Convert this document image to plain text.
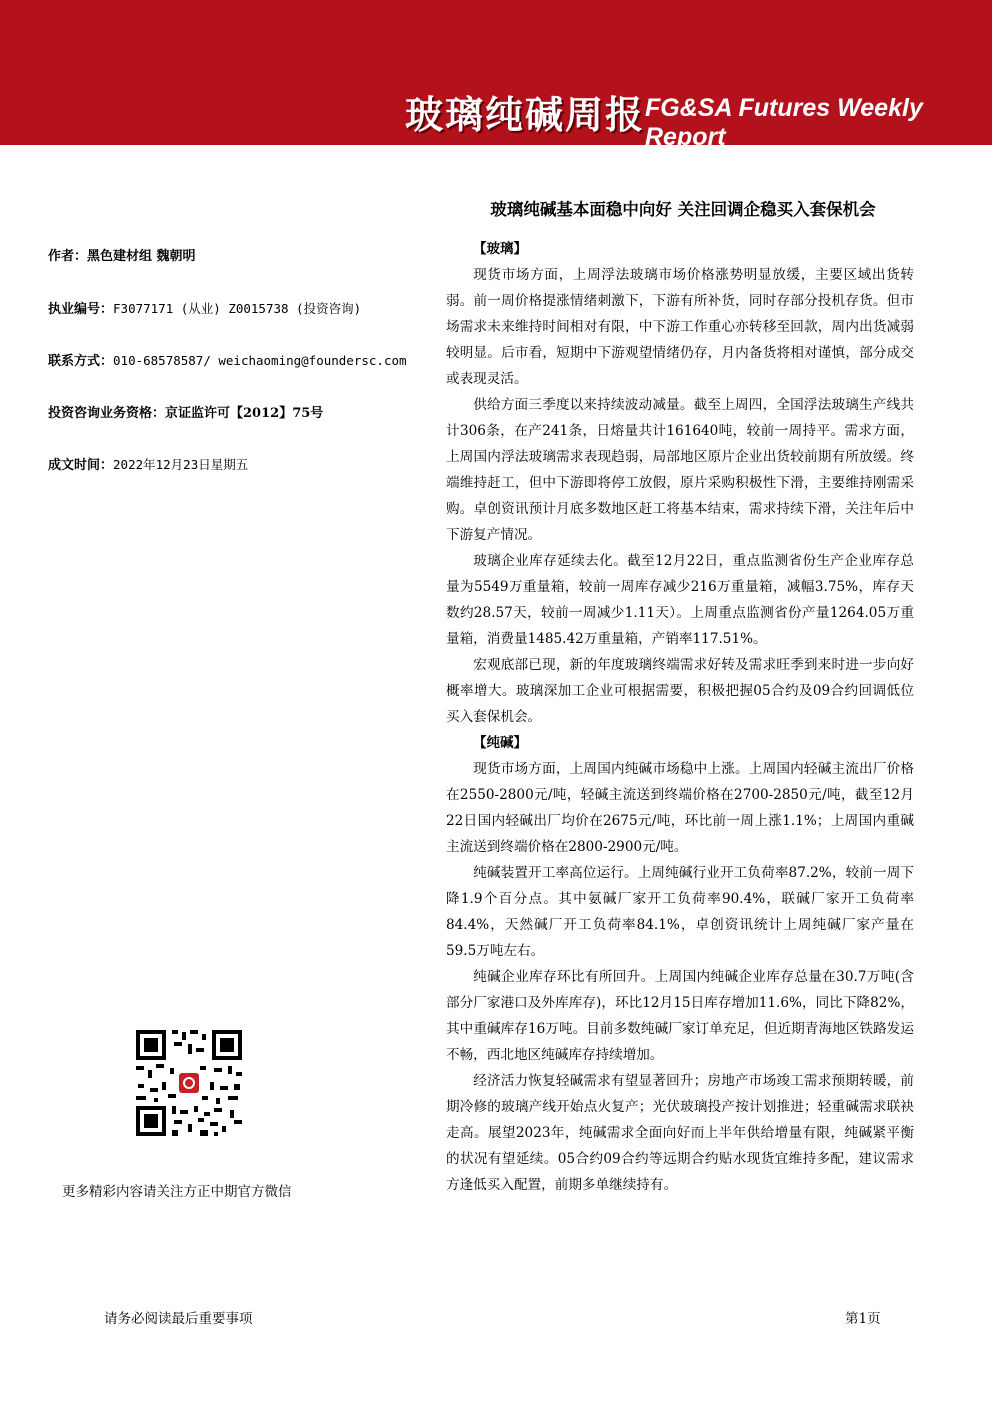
玻璃纯碱周报 FG&SA Futures Weekly Report
玻璃纯碱基本面稳中向好 关注回调企稳买入套保机会
作者：黑色建材组 魏朝明
执业编号：F3077171 (从业) Z0015738 (投资咨询)
联系方式：010-68578587/ weichaoming@foundersc.com
投资咨询业务资格：京证监许可【2012】75号
成文时间：2022年12月23日星期五
更多精彩内容请关注方正中期官方微信
【玻璃】

现货市场方面，上周浮法玻璃市场价格涨势明显放缓，主要区域出货转弱。前一周价格提涨情绪刺激下，下游有所补货，同时存部分投机存货。但市场需求未来维持时间相对有限，中下游工作重心亦转移至回款，周内出货减弱较明显。后市看，短期中下游观望情绪仍存，月内备货将相对谨慎，部分成交或表现灵活。

供给方面三季度以来持续波动减量。截至上周四，全国浮法玻璃生产线共计306条，在产241条，日熔量共计161640吨，较前一周持平。需求方面，上周国内浮法玻璃需求表现趋弱，局部地区原片企业出货较前期有所放缓。终端维持赶工，但中下游即将停工放假，原片采购积极性下滑，主要维持刚需采购。卓创资讯预计月底多数地区赶工将基本结束，需求持续下滑，关注年后中下游复产情况。

玻璃企业库存延续去化。截至12月22日，重点监测省份生产企业库存总量为5549万重量箱，较前一周库存减少216万重量箱，减幅3.75%，库存天数约28.57天，较前一周减少1.11天）。上周重点监测省份产量1264.05万重量箱，消费量1485.42万重量箱，产销率117.51%。

宏观底部已现，新的年度玻璃终端需求好转及需求旺季到来时进一步向好概率增大。玻璃深加工企业可根据需要，积极把握05合约及09合约回调低位买入套保机会。

【纯碱】

现货市场方面，上周国内纯碱市场稳中上涨。上周国内轻碱主流出厂价格在2550-2800元/吨，轻碱主流送到终端价格在2700-2850元/吨，截至12月22日国内轻碱出厂均价在2675元/吨，环比前一周上涨1.1%；上周国内重碱主流送到终端价格在2800-2900元/吨。

纯碱装置开工率高位运行。上周纯碱行业开工负荷率87.2%，较前一周下降1.9个百分点。其中氨碱厂家开工负荷率90.4%，联碱厂家开工负荷率84.4%，天然碱厂开工负荷率84.1%，卓创资讯统计上周纯碱厂家产量在59.5万吨左右。

纯碱企业库存环比有所回升。上周国内纯碱企业库存总量在30.7万吨(含部分厂家港口及外库库存)，环比12月15日库存增加11.6%，同比下降82%，其中重碱库存16万吨。目前多数纯碱厂家订单充足，但近期青海地区铁路发运不畅，西北地区纯碱库存持续增加。

经济活力恢复轻碱需求有望显著回升；房地产市场竣工需求预期转暖，前期冷修的玻璃产线开始点火复产；光伏玻璃投产按计划推进；轻重碱需求联袂走高。展望2023年，纯碱需求全面向好而上半年供给增量有限，纯碱紧平衡的状况有望延续。05合约09合约等远期合约贴水现货宜维持多配，建议需求方逢低买入配置，前期多单继续持有。

请务必阅读最后重要事项	第1页
